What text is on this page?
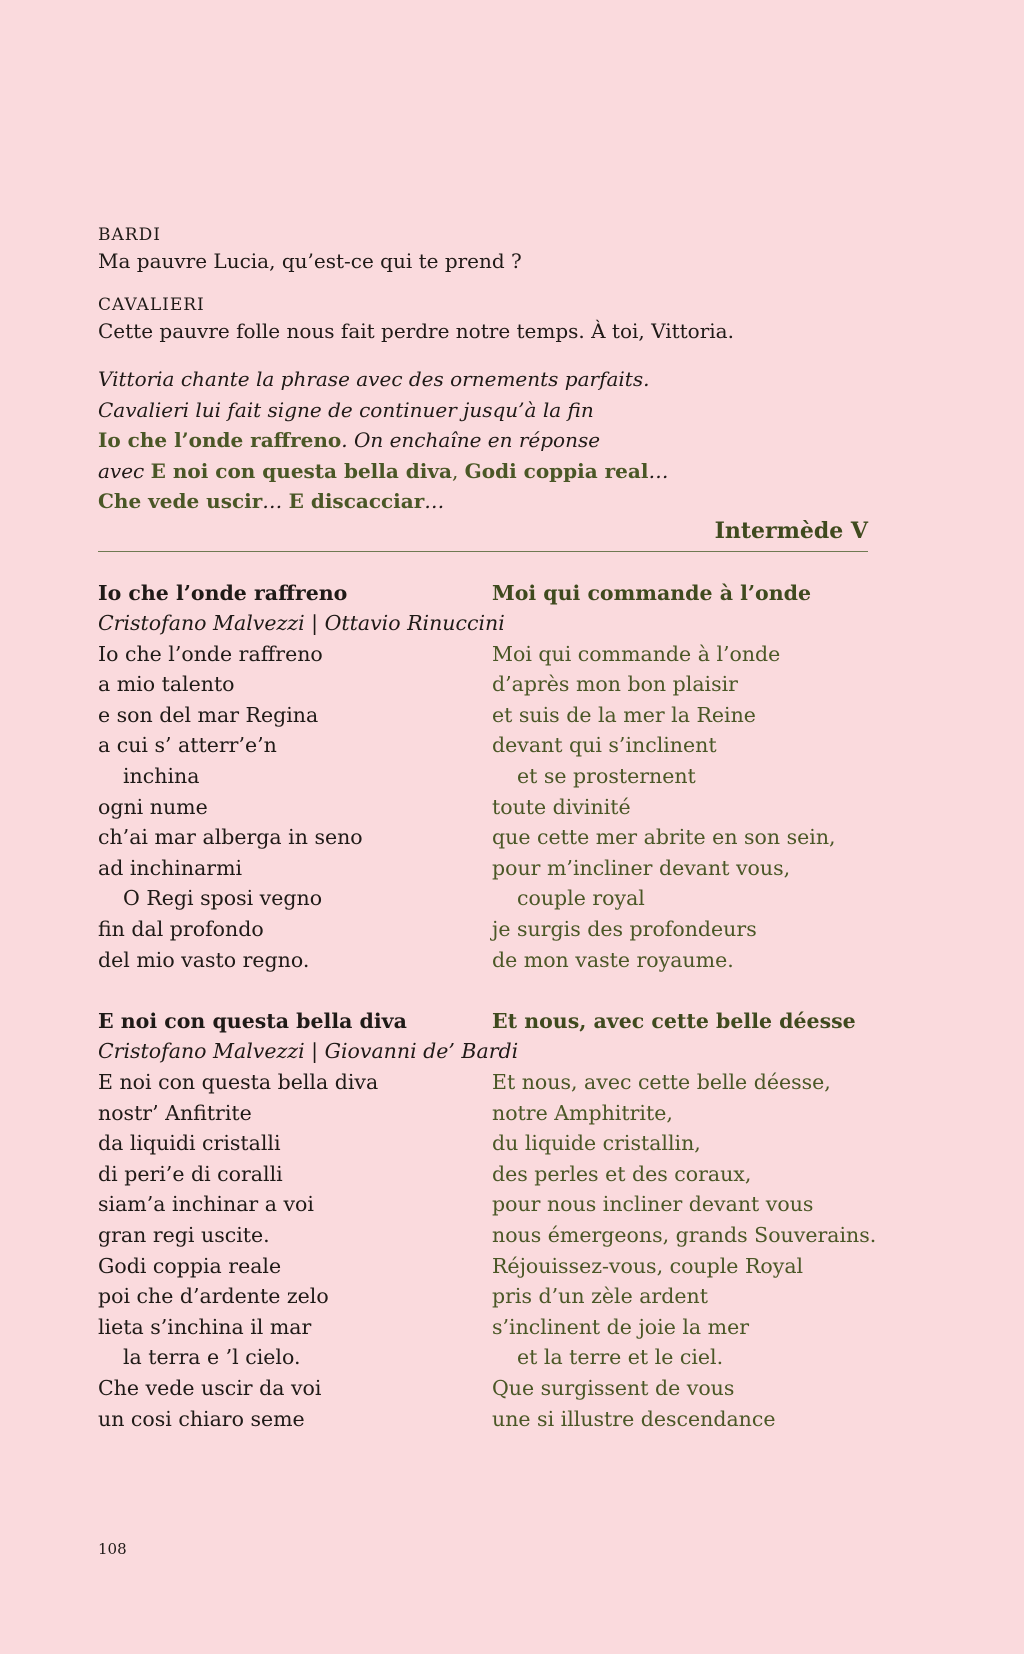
BARDI

Ma pauvre Lucia, qu’est-ce qui te prend ?

CAVALIERI

Cette pauvre folle nous fait perdre notre temps. À toi, Vittoria.

Vittoria chante la phrase avec des ornements parfaits.

Cavalieri lui fait signe de continuer jusqu’à la fin

Io che l’onde raffreno. On enchaîne en réponse

avec E noi con questa bella diva, Godi coppia real…

Che vede uscir… E discacciar…

Intermède V

Io che l’onde raffreno

Cristofano Malvezzi | Ottavio Rinuccini

Io che l’onde raffreno

a mio talento

e son del mar Regina

a cui s’ atterr’e’n

inchina

ogni nume

ch’ai mar alberga in seno

ad inchinarmi

O Regi sposi vegno

fin dal profondo

del mio vasto regno.

E noi con questa bella diva

Cristofano Malvezzi | Giovanni de’ Bardi

E noi con questa bella diva

nostr’ Anfitrite

da liquidi cristalli

di peri’e di coralli

siam’a inchinar a voi

gran regi uscite.

Godi coppia reale

poi che d’ardente zelo

lieta s’inchina il mar

la terra e ’l cielo.

Che vede uscir da voi

un cosi chiaro seme

Moi qui commande à l’onde

Moi qui commande à l’onde

d’après mon bon plaisir

et suis de la mer la Reine

devant qui s’inclinent

et se prosternent

toute divinité

que cette mer abrite en son sein,

pour m’incliner devant vous,

couple royal

je surgis des profondeurs

de mon vaste royaume.

Et nous, avec cette belle déesse

Et nous, avec cette belle déesse,

notre Amphitrite,

du liquide cristallin,

des perles et des coraux,

pour nous incliner devant vous

nous émergeons, grands Souverains.

Réjouissez-vous, couple Royal

pris d’un zèle ardent

s’inclinent de joie la mer

et la terre et le ciel.

Que surgissent de vous

une si illustre descendance

108
